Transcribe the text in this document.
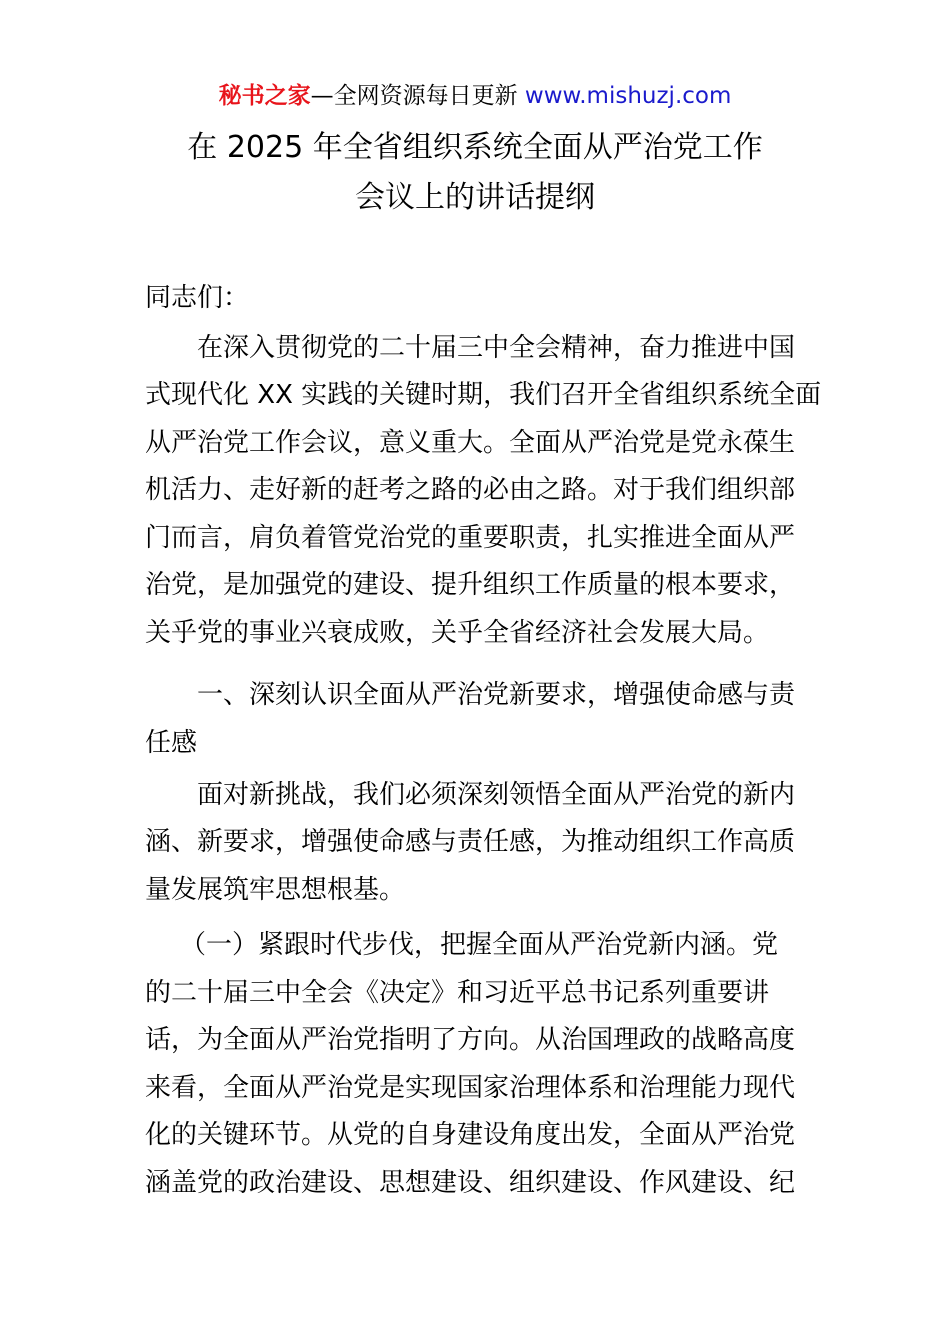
秘书之家—全网资源每日更新 www.mishuzj.com
在 2025 年全省组织系统全面从严治党工作
会议上的讲话提纲
同志们：
在深入贯彻党的二十届三中全会精神，奋力推进中国
式现代化 XX 实践的关键时期，我们召开全省组织系统全面
从严治党工作会议，意义重大。全面从严治党是党永葆生
机活力、走好新的赶考之路的必由之路。对于我们组织部
门而言，肩负着管党治党的重要职责，扎实推进全面从严
治党，是加强党的建设、提升组织工作质量的根本要求，
关乎党的事业兴衰成败，关乎全省经济社会发展大局。
一、深刻认识全面从严治党新要求，增强使命感与责
任感
面对新挑战，我们必须深刻领悟全面从严治党的新内
涵、新要求，增强使命感与责任感，为推动组织工作高质
量发展筑牢思想根基。
（一）紧跟时代步伐，把握全面从严治党新内涵。党
的二十届三中全会《决定》和习近平总书记系列重要讲
话，为全面从严治党指明了方向。从治国理政的战略高度
来看，全面从严治党是实现国家治理体系和治理能力现代
化的关键环节。从党的自身建设角度出发，全面从严治党
涵盖党的政治建设、思想建设、组织建设、作风建设、纪
